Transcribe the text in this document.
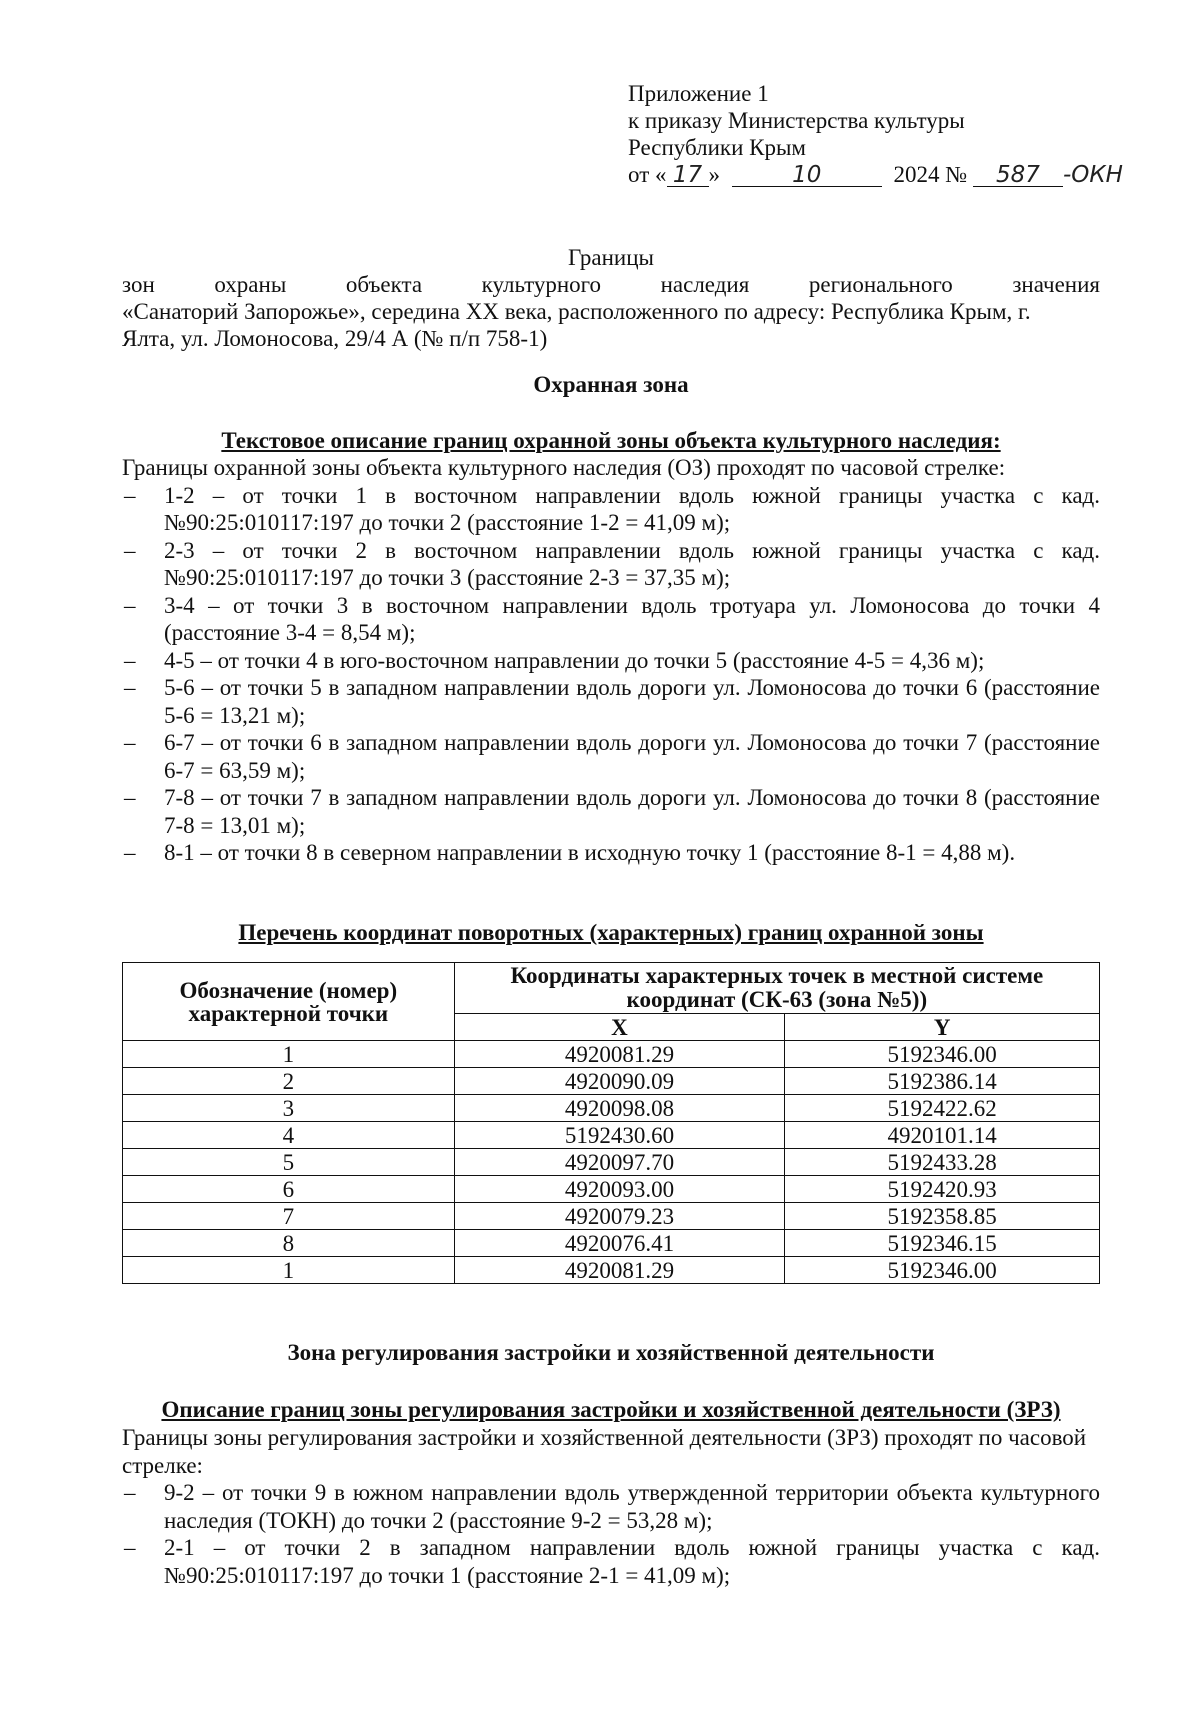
Приложение 1
к приказу Министерства культуры
Республики Крым
от « 17 »	10	2024 № 587 -ОКН
Границы
зон охраны объекта культурного наследия регионального значения
«Санаторий Запорожье», середина XX века, расположенного по адресу: Республика Крым, г.
Ялта, ул. Ломоносова, 29/4 А (№ п/п 758-1)
Охранная зона
Текстовое описание границ охранной зоны объекта культурного наследия:

Границы охранной зоны объекта культурного наследия (ОЗ) проходят по часовой стрелке:

– 1-2 – от точки 1 в восточном направлении вдоль южной границы участка с кад. №90:25:010117:197 до точки 2 (расстояние 1-2 = 41,09 м);
– 2-3 – от точки 2 в восточном направлении вдоль южной границы участка с кад. №90:25:010117:197 до точки 3 (расстояние 2-3 = 37,35 м);
– 3-4 – от точки 3 в восточном направлении вдоль тротуара ул. Ломоносова до точки 4 (расстояние 3-4 = 8,54 м);
– 4-5 – от точки 4 в юго-восточном направлении до точки 5 (расстояние 4-5 = 4,36 м);
– 5-6 – от точки 5 в западном направлении вдоль дороги ул. Ломоносова до точки 6 (расстояние 5-6 = 13,21 м);
– 6-7 – от точки 6 в западном направлении вдоль дороги ул. Ломоносова до точки 7 (расстояние 6-7 = 63,59 м);
– 7-8 – от точки 7 в западном направлении вдоль дороги ул. Ломоносова до точки 8 (расстояние 7-8 = 13,01 м);
– 8-1 – от точки 8 в северном направлении в исходную точку 1 (расстояние 8-1 = 4,88 м).
Перечень координат поворотных (характерных) границ охранной зоны
Обозначение (номер) характерной точки	Координаты характерных точек в местной системе координат (СК-63 (зона №5))	
	X	Y
1	4920081.29	5192346.00
2	4920090.09	5192386.14
3	4920098.08	5192422.62
4	5192430.60	4920101.14
5	4920097.70	5192433.28
6	4920093.00	5192420.93
7	4920079.23	5192358.85
8	4920076.41	5192346.15
1	4920081.29	5192346.00
Зона регулирования застройки и хозяйственной деятельности
Описание границ зоны регулирования застройки и хозяйственной деятельности (ЗРЗ)

Границы зоны регулирования застройки и хозяйственной деятельности (ЗРЗ) проходят по часовой стрелке:

– 9-2 – от точки 9 в южном направлении вдоль утвержденной территории объекта культурного наследия (ТОКН) до точки 2 (расстояние 9-2 = 53,28 м);
– 2-1 – от точки 2 в западном направлении вдоль южной границы участка с кад. №90:25:010117:197 до точки 1 (расстояние 2-1 = 41,09 м);
